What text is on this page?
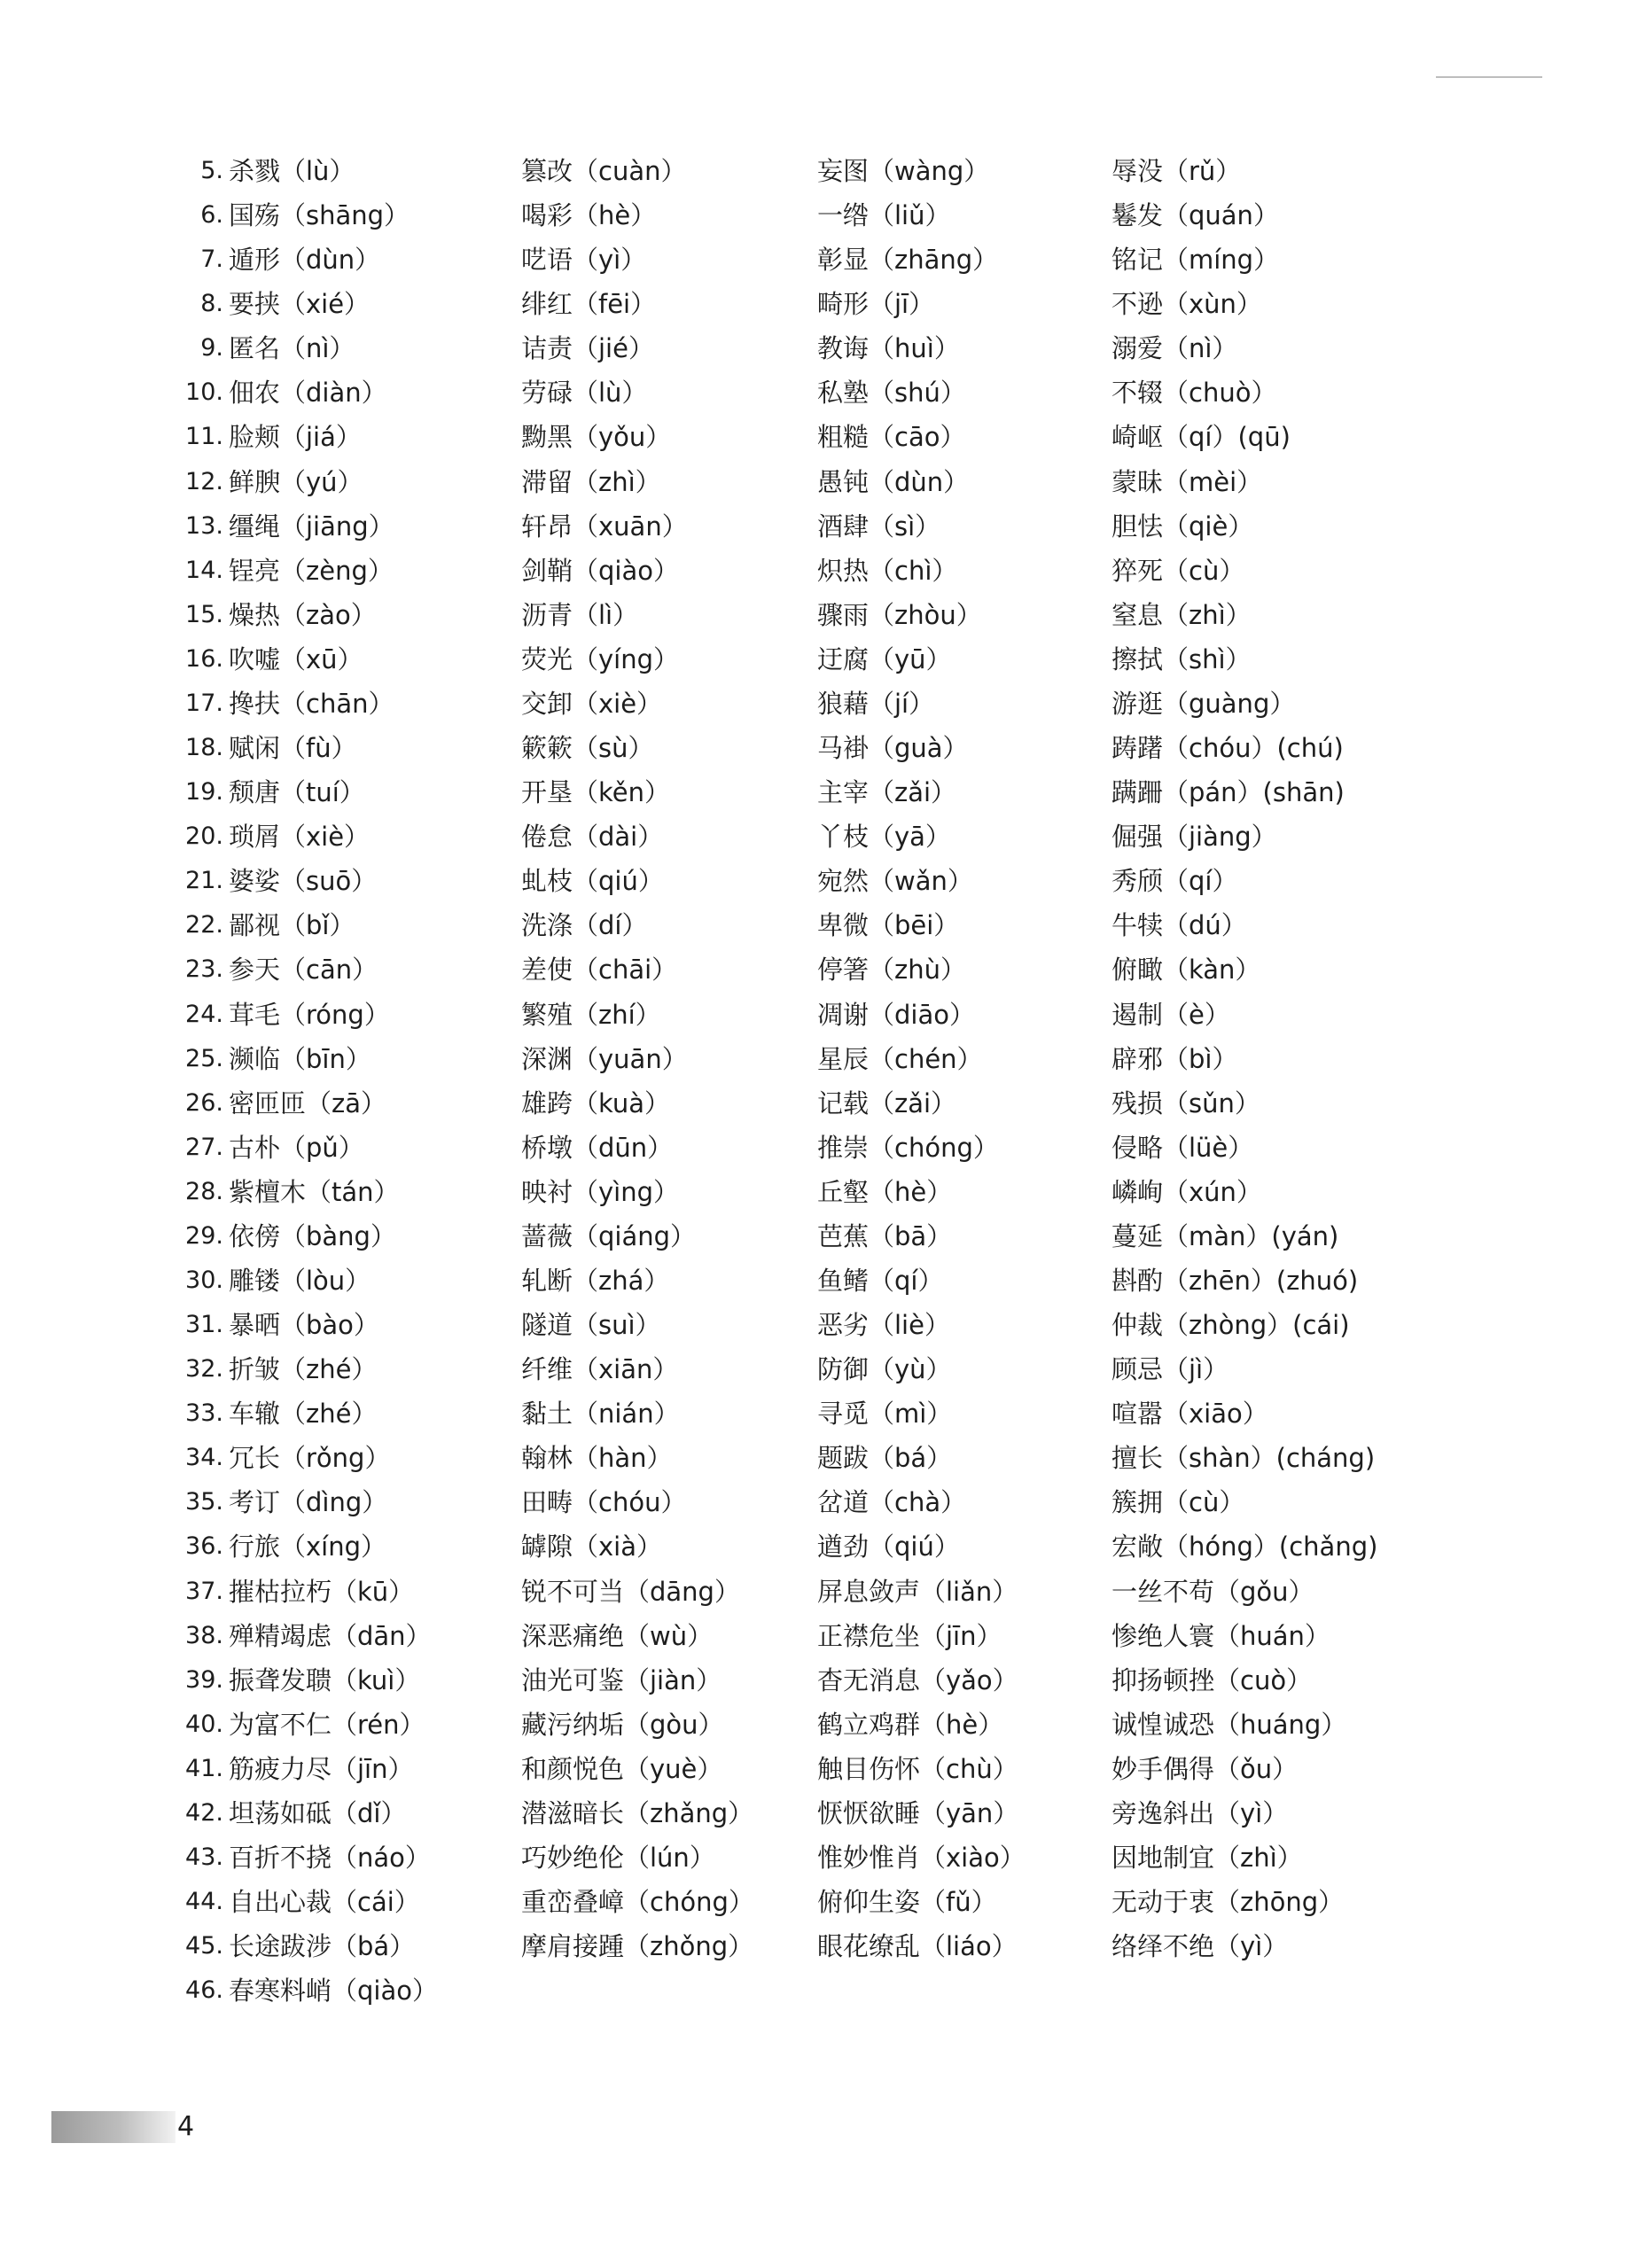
5. 杀戮（lù）	篡改（cuàn）	妄图（wàng）	辱没（rǔ）
6. 国殇（shāng）	喝彩（hè）	一绺（liǔ）	鬈发（quán）
7. 遁形（dùn）	呓语（yì）	彰显（zhāng）	铭记（míng）
8. 要挟（xié）	绯红（fēi）	畸形（jī）	不逊（xùn）
9. 匿名（nì）	诘责（jié）	教诲（huì）	溺爱（nì）
10. 佃农（diàn）	劳碌（lù）	私塾（shú）	不辍（chuò）
11. 脸颊（jiá）	黝黑（yǒu）	粗糙（cāo）	崎岖（qí）(qū)
12. 鲜腴（yú）	滞留（zhì）	愚钝（dùn）	蒙昧（mèi）
13. 缰绳（jiāng）	轩昂（xuān）	酒肆（sì）	胆怯（qiè）
14. 锃亮（zèng）	剑鞘（qiào）	炽热（chì）	猝死（cù）
15. 燥热（zào）	沥青（lì）	骤雨（zhòu）	窒息（zhì）
16. 吹嘘（xū）	荧光（yíng）	迂腐（yū）	擦拭（shì）
17. 搀扶（chān）	交卸（xiè）	狼藉（jí）	游逛（guàng）
18. 赋闲（fù）	簌簌（sù）	马褂（guà）	踌躇（chóu）(chú)
19. 颓唐（tuí）	开垦（kěn）	主宰（zǎi）	蹒跚（pán）(shān)
20. 琐屑（xiè）	倦怠（dài）	丫枝（yā）	倔强（jiàng）
21. 婆娑（suō）	虬枝（qiú）	宛然（wǎn）	秀颀（qí）
22. 鄙视（bǐ）	洗涤（dí）	卑微（bēi）	牛犊（dú）
23. 参天（cān）	差使（chāi）	停箸（zhù）	俯瞰（kàn）
24. 茸毛（róng）	繁殖（zhí）	凋谢（diāo）	遏制（è）
25. 濒临（bīn）	深渊（yuān）	星辰（chén）	辟邪（bì）
26. 密匝匝（zā）	雄跨（kuà）	记载（zǎi）	残损（sǔn）
27. 古朴（pǔ）	桥墩（dūn）	推崇（chóng）	侵略（lüè）
28. 紫檀木（tán）	映衬（yìng）	丘壑（hè）	嶙峋（xún）
29. 依傍（bàng）	蔷薇（qiáng）	芭蕉（bā）	蔓延（màn）(yán)
30. 雕镂（lòu）	轧断（zhá）	鱼鳍（qí）	斟酌（zhēn）(zhuó)
31. 暴晒（bào）	隧道（suì）	恶劣（liè）	仲裁（zhòng）(cái)
32. 折皱（zhé）	纤维（xiān）	防御（yù）	顾忌（jì）
33. 车辙（zhé）	黏土（nián）	寻觅（mì）	喧嚣（xiāo）
34. 冗长（rǒng）	翰林（hàn）	题跋（bá）	擅长（shàn）(cháng)
35. 考订（dìng）	田畴（chóu）	岔道（chà）	簇拥（cù）
36. 行旅（xíng）	罅隙（xià）	遒劲（qiú）	宏敞（hóng）(chǎng)
37. 摧枯拉朽（kū）	锐不可当（dāng）	屏息敛声（liǎn）	一丝不苟（gǒu）
38. 殚精竭虑（dān）	深恶痛绝（wù）	正襟危坐（jīn）	惨绝人寰（huán）
39. 振聋发聩（kuì）	油光可鉴（jiàn）	杳无消息（yǎo）	抑扬顿挫（cuò）
40. 为富不仁（rén）	藏污纳垢（gòu）	鹤立鸡群（hè）	诚惶诚恐（huáng）
41. 筋疲力尽（jīn）	和颜悦色（yuè）	触目伤怀（chù）	妙手偶得（ǒu）
42. 坦荡如砥（dǐ）	潜滋暗长（zhǎng） 恹恹欲睡（yān）	旁逸斜出（yì）
43. 百折不挠（náo）	巧妙绝伦（lún）	惟妙惟肖（xiào）	因地制宜（zhì）
44. 自出心裁（cái）	重峦叠嶂（chóng） 俯仰生姿（fǔ）	无动于衷（zhōng）
45. 长途跋涉（bá）	摩肩接踵（zhǒng） 眼花缭乱（liáo）	络绎不绝（yì）
46. 春寒料峭（qiào）
4
